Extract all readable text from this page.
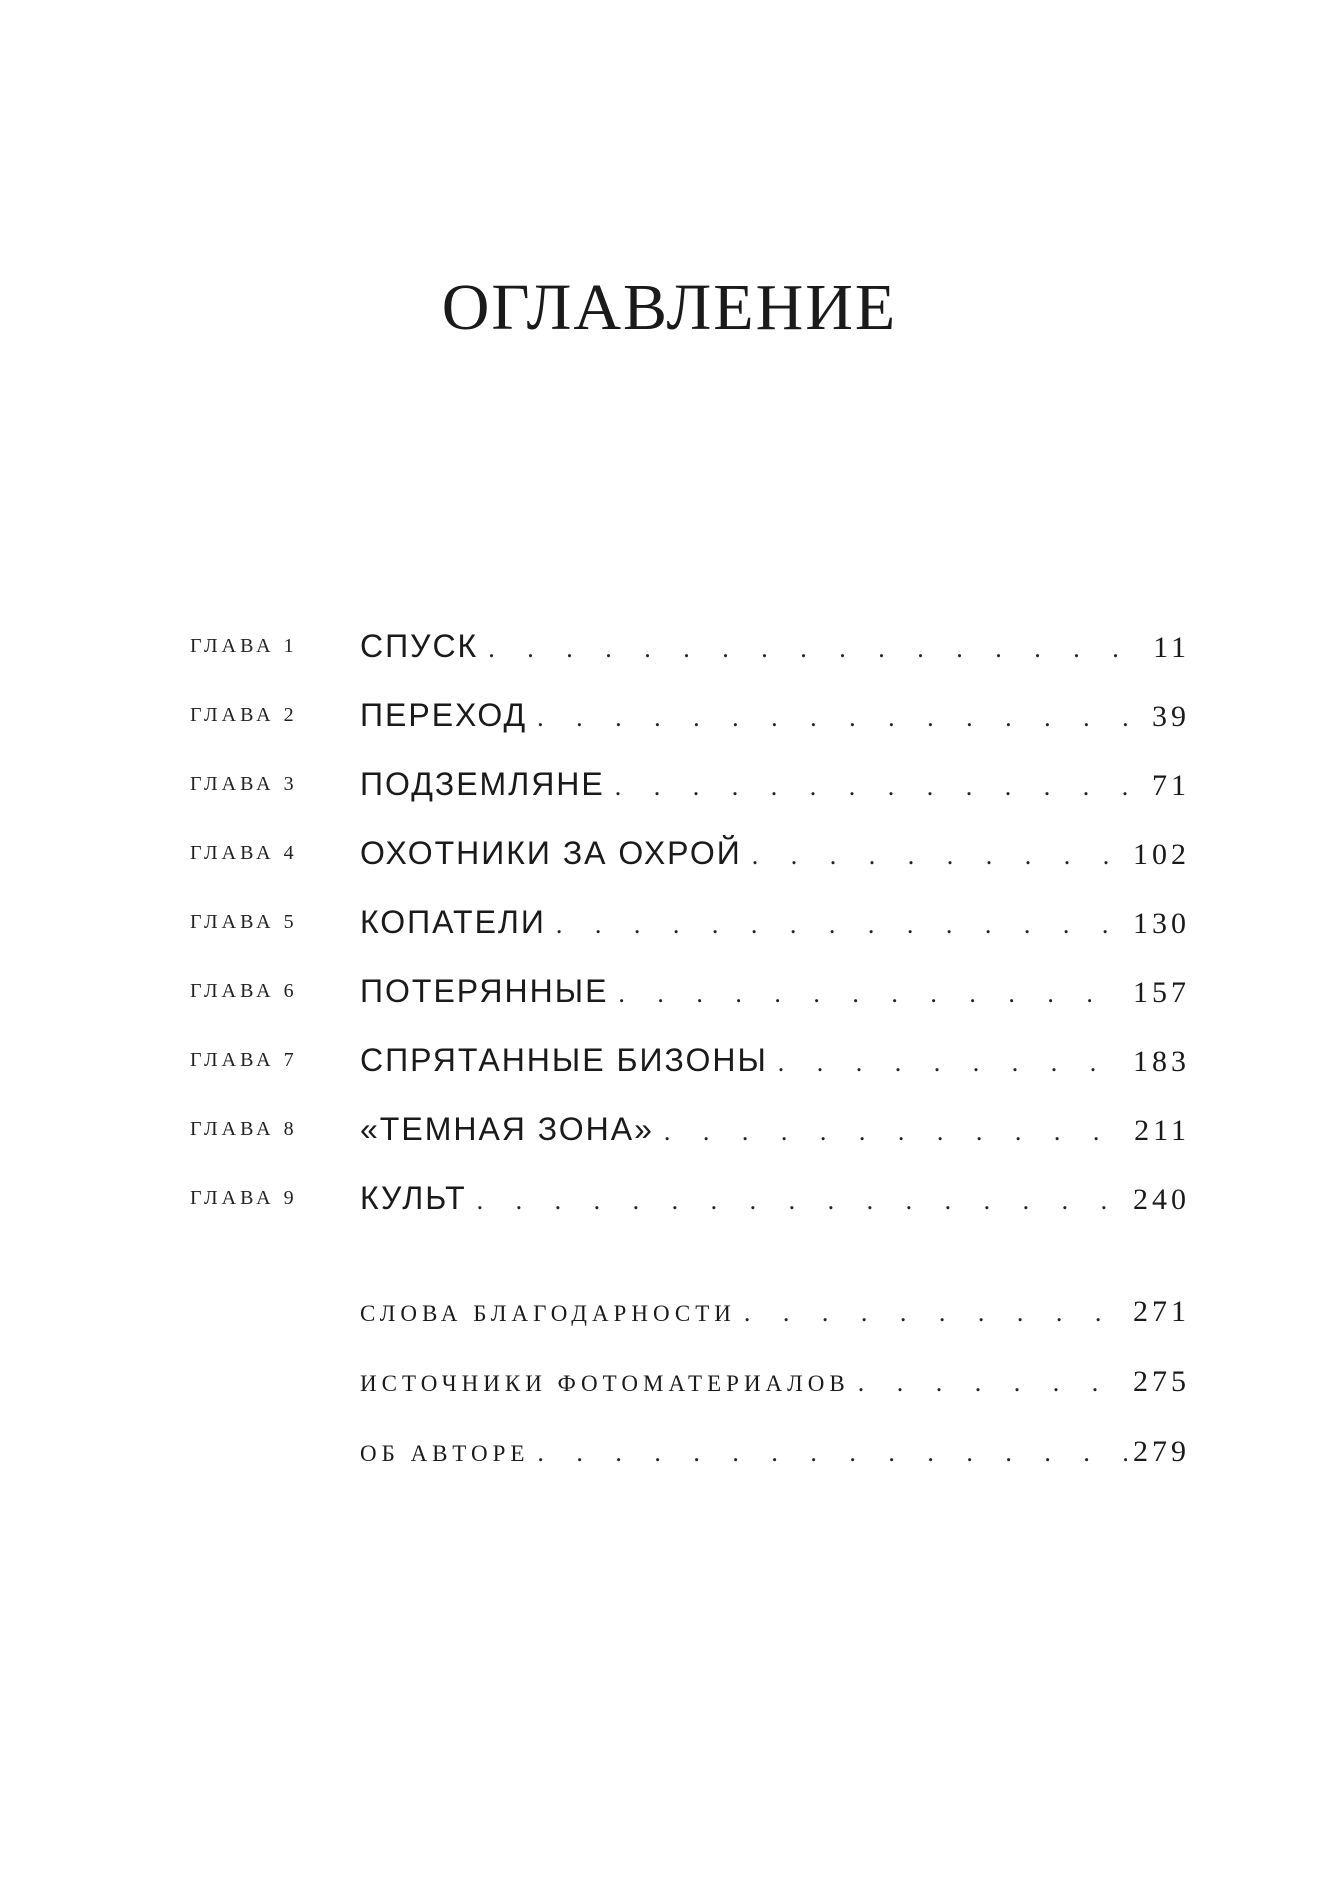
ОГЛАВЛЕНИЕ
ГЛАВА 1	СПУСК . . .	11
ГЛАВА 2	ПЕРЕХОД . . .	39
ГЛАВА 3	ПОДЗЕМЛЯНЕ . . .	71
ГЛАВА 4	ОХОТНИКИ ЗА ОХРОЙ . . .	102
ГЛАВА 5	КОПАТЕЛИ . . .	130
ГЛАВА 6	ПОТЕРЯННЫЕ . . .	157
ГЛАВА 7	СПРЯТАННЫЕ БИЗОНЫ . . .	183
ГЛАВА 8	«ТЕМНАЯ ЗОНА» . . .	211
ГЛАВА 9	КУЛЬТ . . .	240
СЛОВА БЛАГОДАРНОСТИ . . .	271
ИСТОЧНИКИ ФОТОМАТЕРИАЛОВ . . .	275
ОБ АВТОРЕ . . .	279
